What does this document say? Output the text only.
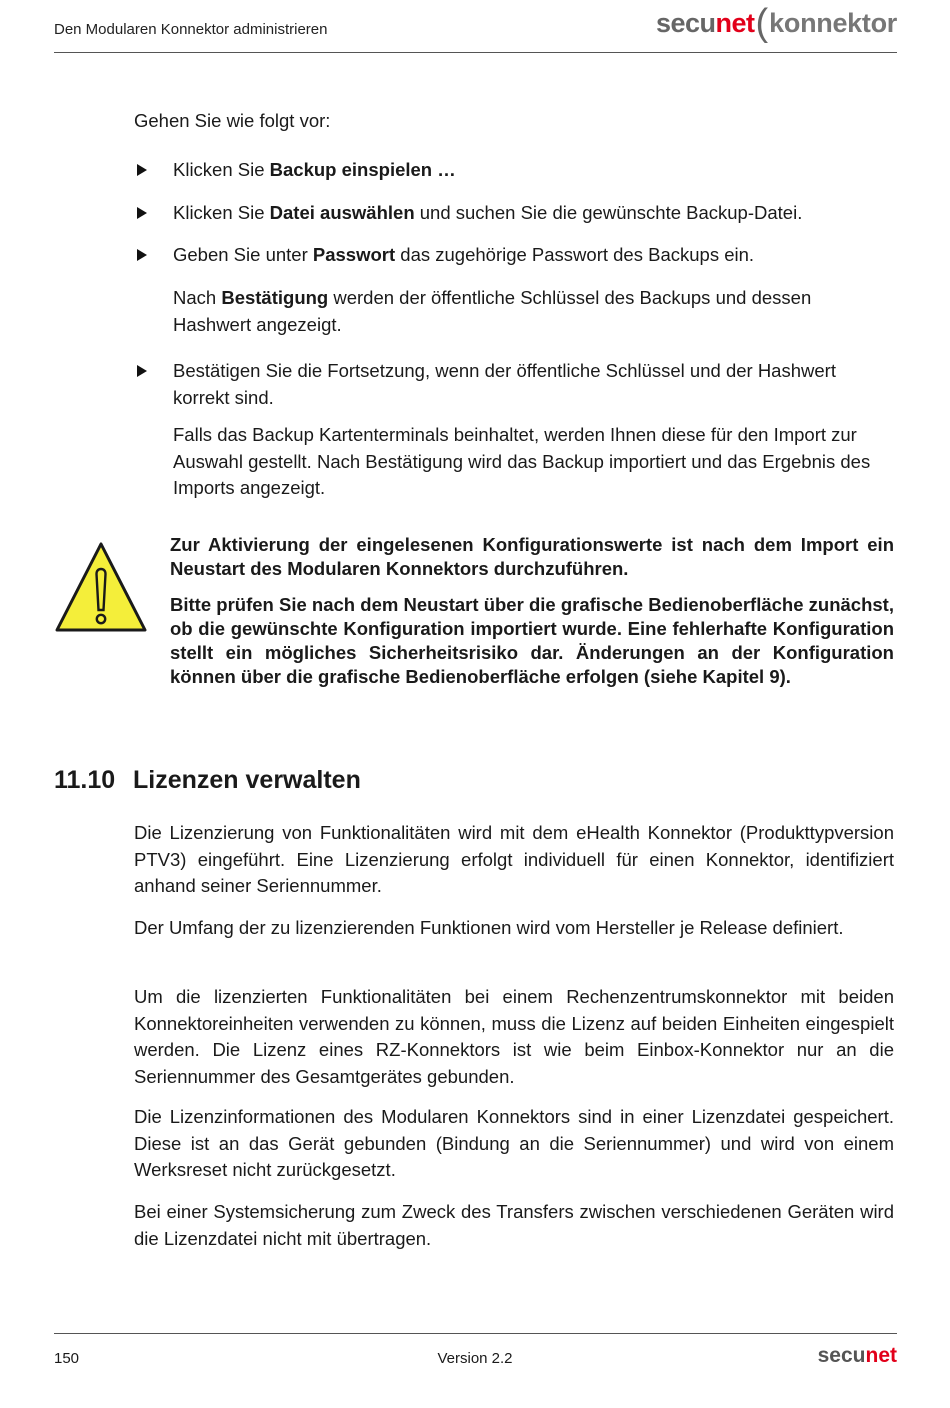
Den Modularen Konnektor administrieren	secunet(konnektor

Gehen Sie wie folgt vor:

Klicken Sie Backup einspielen …
Klicken Sie Datei auswählen und suchen Sie die gewünschte Backup-Datei.
Geben Sie unter Passwort das zugehörige Passwort des Backups ein.
Nach Bestätigung werden der öffentliche Schlüssel des Backups und dessen Hashwert angezeigt.
Bestätigen Sie die Fortsetzung, wenn der öffentliche Schlüssel und der Hashwert korrekt sind.
Falls das Backup Kartenterminals beinhaltet, werden Ihnen diese für den Import zur Auswahl gestellt. Nach Bestätigung wird das Backup importiert und das Ergebnis des Imports angezeigt.
Zur Aktivierung der eingelesenen Konfigurationswerte ist nach dem Import ein Neustart des Modularen Konnektors durchzuführen.
Bitte prüfen Sie nach dem Neustart über die grafische Bedienoberfläche zunächst, ob die gewünschte Konfiguration importiert wurde. Eine fehlerhafte Konfiguration stellt ein mögliches Sicherheitsrisiko dar. Änderungen an der Konfiguration können über die grafische Bedienoberfläche erfolgen (siehe Kapitel 9).
11.10 Lizenzen verwalten
Die Lizenzierung von Funktionalitäten wird mit dem eHealth Konnektor (Produkttypversion PTV3) eingeführt. Eine Lizenzierung erfolgt individuell für einen Konnektor, identifiziert anhand seiner Seriennummer.
Der Umfang der zu lizenzierenden Funktionen wird vom Hersteller je Release definiert.
Um die lizenzierten Funktionalitäten bei einem Rechenzentrumskonnektor mit beiden Konnektoreinheiten verwenden zu können, muss die Lizenz auf beiden Einheiten eingespielt werden. Die Lizenz eines RZ-Konnektors ist wie beim Einbox-Konnektor nur an die Seriennummer des Gesamtgerätes gebunden.
Die Lizenzinformationen des Modularen Konnektors sind in einer Lizenzdatei gespeichert. Diese ist an das Gerät gebunden (Bindung an die Seriennummer) und wird von einem Werksreset nicht zurückgesetzt.
Bei einer Systemsicherung zum Zweck des Transfers zwischen verschiedenen Geräten wird die Lizenzdatei nicht mit übertragen.
150	Version 2.2	secunet
